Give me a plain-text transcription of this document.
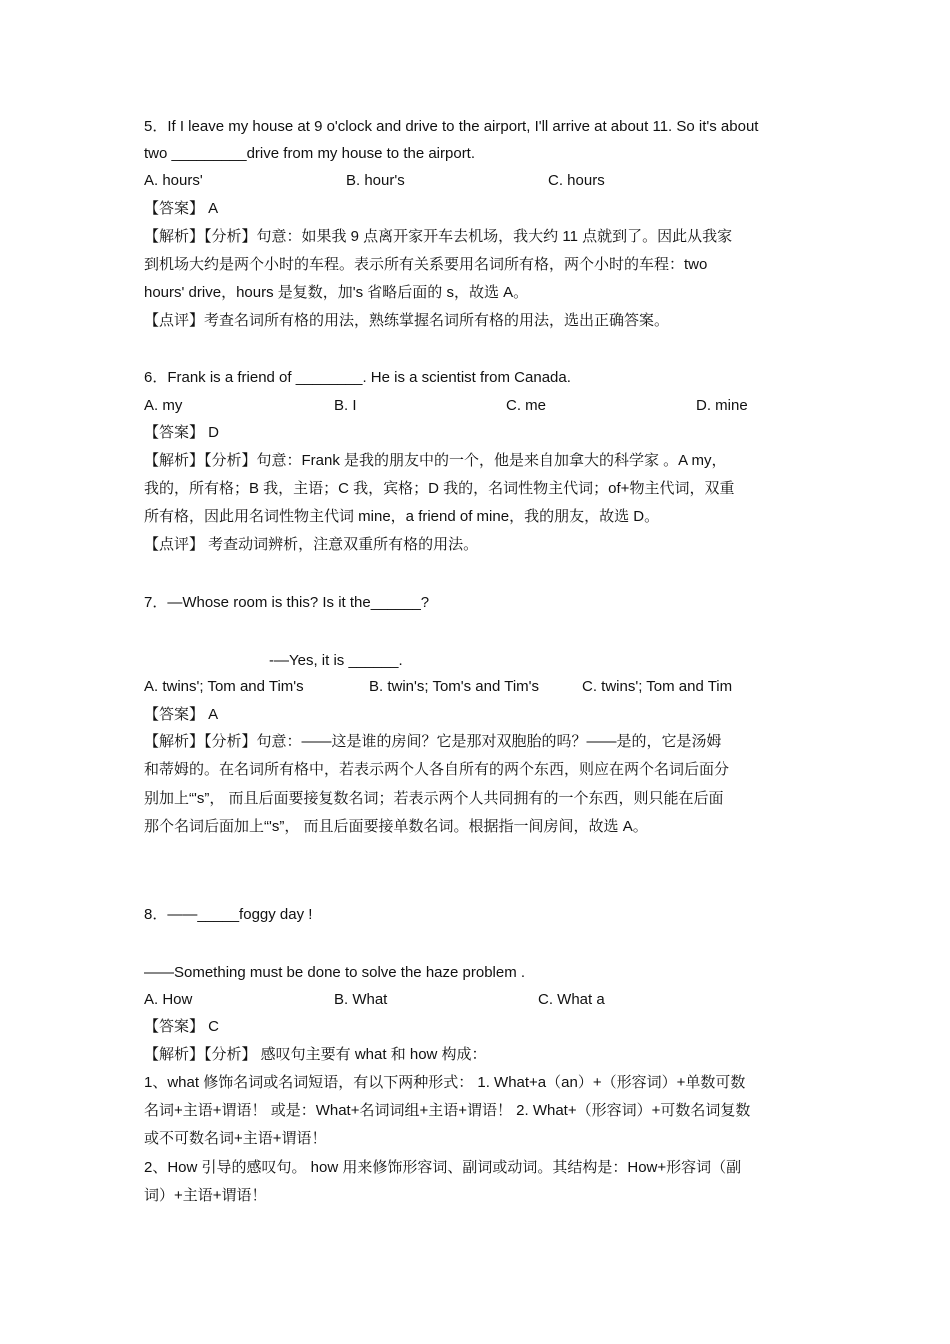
5．If I leave my house at 9 o'clock and drive to the airport, I'll arrive at about 11. So it's about
two _________drive from my house to the airport.
A. hours'	B. hour's	C. hours
【答案】 A
【解析】【分析】句意：如果我 9 点离开家开车去机场，我大约 11 点就到了。因此从我家
到机场大约是两个小时的车程。表示所有关系要用名词所有格，两个小时的车程：two
hours' drive，hours 是复数，加's 省略后面的 s，故选 A。
【点评】考查名词所有格的用法，熟练掌握名词所有格的用法，选出正确答案。
6．Frank is a friend of ________. He is a scientist from Canada.
A. my	B. I	C. me	D. mine
【答案】 D
【解析】【分析】句意：Frank 是我的朋友中的一个，他是来自加拿大的科学家 。A my，
我的，所有格；B 我，主语；C 我，宾格；D 我的，名词性物主代词；of+物主代词，双重
所有格，因此用名词性物主代词 mine，a friend of mine，我的朋友，故选 D。
【点评】 考查动词辨析，注意双重所有格的用法。
7．—Whose room is this? Is it the______?
-—Yes, it is ______.
A. twins'; Tom and Tim's	B. twin's; Tom's and Tim's	C. twins'; Tom and Tim
【答案】 A
【解析】【分析】句意：——这是谁的房间？它是那对双胞胎的吗？——是的，它是汤姆
和蒂姆的。在名词所有格中，若表示两个人各自所有的两个东西，则应在两个名词后面分
别加上“'s”， 而且后面要接复数名词；若表示两个人共同拥有的一个东西，则只能在后面
那个名词后面加上“'s”， 而且后面要接单数名词。根据指一间房间，故选 A。
8．——_____foggy day !
——Something must be done to solve the haze problem .
A. How	B. What	C. What a
【答案】 C
【解析】【分析】 感叹句主要有 what 和 how 构成：
1、what 修饰名词或名词短语，有以下两种形式： 1. What+a（an）+（形容词）+单数可数
名词+主语+谓语！ 或是：What+名词词组+主语+谓语！ 2. What+（形容词）+可数名词复数
或不可数名词+主语+谓语！
2、How 引导的感叹句。 how 用来修饰形容词、副词或动词。其结构是：How+形容词（副
词）+主语+谓语！
